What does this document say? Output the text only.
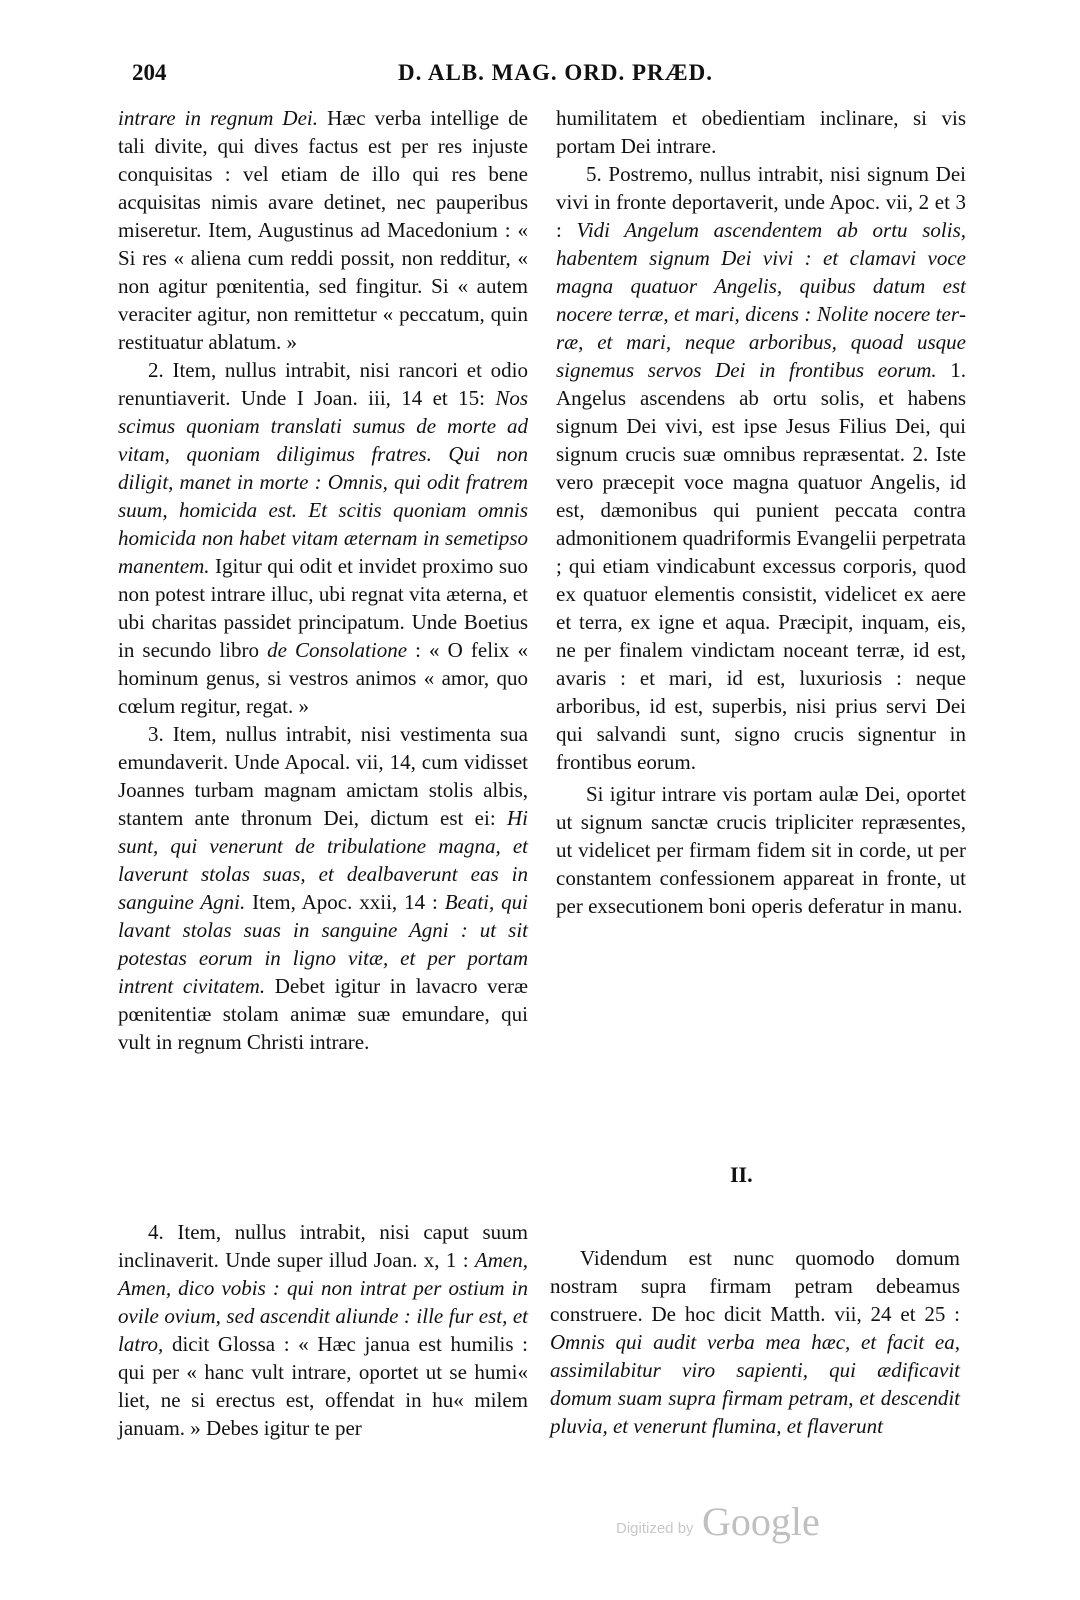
204	D. ALB. MAG. ORD. PRÆD.

intrare in regnum Dei. Hæc verba intellige de tali divite, qui dives factus est per res injuste conquisitas : vel etiam de illo qui res bene acquisitas nimis avare detinet, nec pauperibus miseretur. Item, Augustinus ad Macedonium : « Si res « aliena cum reddi possit, non redditur, « non agitur pœnitentia, sed fingitur. Si « autem veraciter agitur, non remittetur « peccatum, quin restituatur ablatum. »

2. Item, nullus intrabit, nisi rancori et odio renuntiaverit. Unde I Joan. iii, 14 et 15: Nos scimus quoniam translati sumus de morte ad vitam, quoniam diligimus fratres. Qui non diligit, manet in morte : Omnis, qui odit fratrem suum, homicida est. Et scitis quoniam omnis homicida non habet vitam æternam in semetipso manentem. Igitur qui odit et invidet proximo suo non potest intrare illuc, ubi regnat vita æterna, et ubi charitas passidet principatum. Unde Boetius in secundo libro de Consolatione : « O felix « hominum genus, si vestros animos « amor, quo cœlum regitur, regat. »

3. Item, nullus intrabit, nisi vestimenta sua emundaverit. Unde Apocal. vii, 14, cum vidisset Joannes turbam magnam amictam stolis albis, stantem ante thronum Dei, dictum est ei: Hi sunt, qui venerunt de tribulatione magna, et laverunt stolas suas, et dealbaverunt eas in sanguine Agni. Item, Apoc. xxii, 14 : Beati, qui lavant stolas suas in sanguine Agni : ut sit potestas eorum in ligno vitæ, et per portam intrent civitatem. Debet igitur in lavacro veræ pœnitentiæ stolam animæ suæ emundare, qui vult in regnum Christi intrare.

humilitatem et obedientiam inclinare, si vis portam Dei intrare.

5. Postremo, nullus intrabit, nisi signum Dei vivi in fronte deportaverit, unde Apoc. vii, 2 et 3 : Vidi Angelum ascendentem ab ortu solis, habentem signum Dei vivi : et clamavi voce magna quatuor Angelis, quibus datum est nocere terræ, et mari, dicens : Nolite nocere terræ, et mari, neque arboribus, quoad usque signemus servos Dei in frontibus eorum. 1. Angelus ascendens ab ortu solis, et habens signum Dei vivi, est ipse Jesus Filius Dei, qui signum crucis suæ omnibus repræsentat. 2. Iste vero præcepit voce magna quatuor Angelis, id est, dæmonibus qui punient peccata contra admonitionem quadriformis Evangelii perpetrata ; qui etiam vindicabunt excessus corporis, quod ex quatuor elementis consistit, videlicet ex aere et terra, ex igne et aqua. Præcipit, inquam, eis, ne per finalem vindictam noceant terræ, id est, avaris : et mari, id est, luxuriosis : neque arboribus, id est, superbis, nisi prius servi Dei qui salvandi sunt, signo crucis signentur in frontibus eorum.

Si igitur intrare vis portam aulæ Dei, oportet ut signum sanctæ crucis tripliciter repræsentes, ut videlicet per firmam fidem sit in corde, ut per constantem confessionem appareat in fronte, ut per exsecutionem boni operis deferatur in manu.

II.

4. Item, nullus intrabit, nisi caput suum inclinaverit. Unde super illud Joan. x, 1 : Amen, Amen, dico vobis : qui non intrat per ostium in ovile ovium, sed ascendit aliunde : ille fur est, et latro, dicit Glossa : « Hæc janua est humilis : qui per « hanc vult intrare, oportet ut se humi« liet, ne si erectus est, offendat in hu« milem januam. » Debes igitur te per

Videndum est nunc quomodo domum nostram supra firmam petram debeamus construere. De hoc dicit Matth. vii, 24 et 25 : Omnis qui audit verba mea hæc, et facit ea, assimilabitur viro sapienti, qui ædificavit domum suam supra firmam petram, et descendit pluvia, et venerunt flumina, et flaverunt

Digitized by Google
